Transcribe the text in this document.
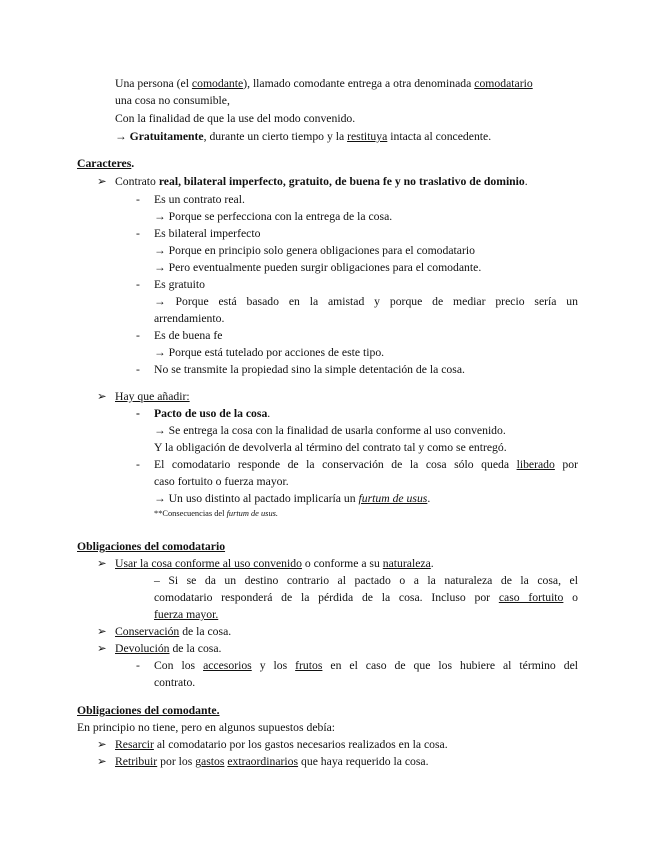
Una persona (el comodante), llamado comodante entrega a otra denominada comodatario
una cosa no consumible,
Con la finalidad de que la use del modo convenido.
→ Gratuitamente, durante un cierto tiempo y la restituya intacta al concedente.
Caracteres.
➢ Contrato real, bilateral imperfecto, gratuito, de buena fe y no traslativo de dominio.
- Es un contrato real.
→ Porque se perfecciona con la entrega de la cosa.
- Es bilateral imperfecto
→ Porque en principio solo genera obligaciones para el comodatario
→ Pero eventualmente pueden surgir obligaciones para el comodante.
- Es gratuito
→ Porque está basado en la amistad y porque de mediar precio sería un
arrendamiento.
- Es de buena fe
→ Porque está tutelado por acciones de este tipo.
- No se transmite la propiedad sino la simple detentación de la cosa.
➢ Hay que añadir:
- Pacto de uso de la cosa.
→ Se entrega la cosa con la finalidad de usarla conforme al uso convenido.
Y la obligación de devolverla al término del contrato tal y como se entregó.
- El comodatario responde de la conservación de la cosa sólo queda liberado por
caso fortuito o fuerza mayor.
→ Un uso distinto al pactado implicaría un furtum de usus.
**Consecuencias del furtum de usus.
Obligaciones del comodatario
➢ Usar la cosa conforme al uso convenido o conforme a su naturaleza.
– Si se da un destino contrario al pactado o a la naturaleza de la cosa, el
comodatario responderá de la pérdida de la cosa. Incluso por caso fortuito o
fuerza mayor.
➢ Conservación de la cosa.
➢ Devolución de la cosa.
- Con los accesorios y los frutos en el caso de que los hubiere al término del
contrato.
Obligaciones del comodante.
En principio no tiene, pero en algunos supuestos debía:
➢ Resarcir al comodatario por los gastos necesarios realizados en la cosa.
➢ Retribuir por los gastos extraordinarios que haya requerido la cosa.
